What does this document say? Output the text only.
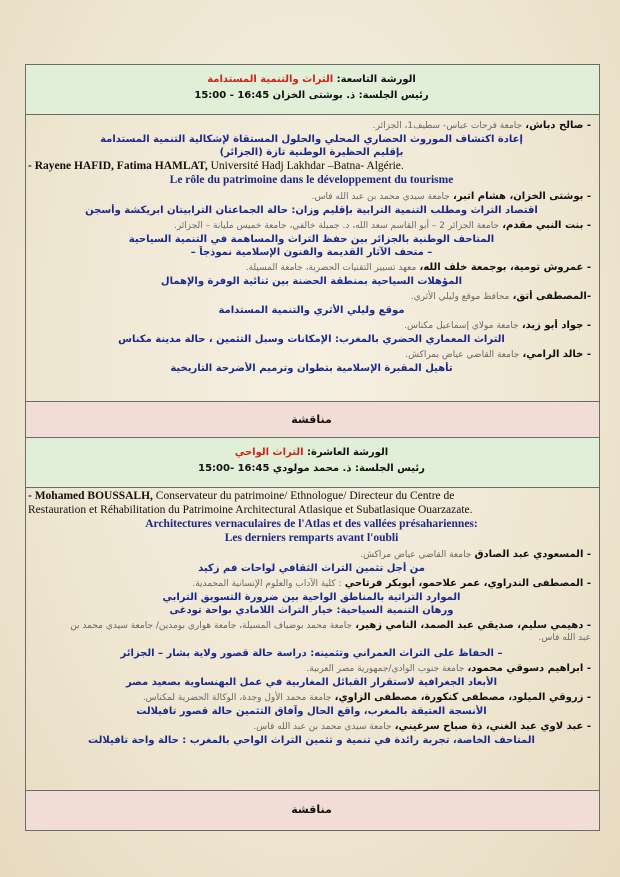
الورشة التاسعة: التراث والتنمية المستدامة
15:00 - 16:45 رئيس الجلسة: ذ. بوشتى الخزان
- صالح دباش، جامعة فرحات عباس- سطيف1، الجزائر.
إعادة اكتشاف الموروث الحضاري المحلي والحلول المستقاة لإشكالية التنمية المستدامة
بإقليم الحظيرة الوطنية تازة (الجزائر)
- Rayene HAFID, Fatima HAMLAT, Université Hadj Lakhdar –Batna- Algérie.
Le rôle du patrimoine dans le développement du tourisme
- بوشتى الخزان، هشام اتبر، جامعة سيدي محمد بن عبد الله فاس.
اقتصاد التراث ومطلب التنمية الترابية بإقليم وزان: حالة الجماعتان الترابيتان ابريكشة وأسجن
- بنت النبي مقدم، جامعة الجزائر 2 – أبو القاسم سعد الله، د. جميلة خالفي، جامعة خميس مليانة – الجزائر.
المتاحف الوطنية بالجزائر بين حفظ التراث والمساهمة في التنمية السياحية
– متحف الآثار القديمة والفنون الإسلامية نموذجاً –
- عمروش تومية، بوجمعة خلف الله، معهد تسيير التقنيات الحضرية، جامعة المسيلة.
المؤهلات السياحية بمنطقة الحضنة بين ثنائية الوفرة والإهمال
-المصطفى أتق، محافظ موقع وليلي الأثري.
موقع وليلي الأثري والتنمية المستدامة
- جواد أبو زيد، جامعة مولاي إسماعيل مكناس.
التراث المعماري الحضري بالمغرب: الإمكانات وسبل التثمين ، حالة مدينة مكناس
- خالد الرامي، جامعة القاضي عياض بمراكش.
تأهيل المقبرة الإسلامية بتطوان وترميم الأضرحة التاريخية
مناقشة
الورشة العاشرة: التراث الواحي
15:00- 16:45 رئيس الجلسة: ذ. محمد مولودي
- Mohamed BOUSSALH, Conservateur du patrimoine/ Ethnologue/ Directeur du Centre de
Restauration et Réhabilitation du Patrimoine Architectural Atlasique et Subatlasique Ouarzazate.
Architectures vernaculaires de l'Atlas et des vallées présahariennes:
Les derniers remparts avant l'oubli
- المسعودي عبد الصادق جامعة القاضي عياض مراكش.
من أجل تثمين التراث الثقافي لواحات فم زكيد
- المصطفى الندراوي، عمر علاحمو، أبوبكر فرتاحي : كلية الآداب والعلوم الإنسانية المحمدية.
الموارد التراثية بالمناطق الواحية بين ضرورة التسويق الترابي
ورهان التنمية السياحية: خيار التراث اللامادي بواحة تودغى
- دهيمي سليم، صديقي عبد الصمد، النامي زهير، جامعة محمد بوضياف المسيلة، جامعة هواري بومدين/ جامعة سيدي محمد بن
عبد الله فاس.
الحفاظ على التراث العمراني وتثمينه: دراسة حالة قصور ولاية بشار – الجزائر –
- ابراهيم دسوقي محمود، جامعة جنوب الوادي/جمهورية مصر العربية.
الأبعاد الجغرافية لاستقرار القبائل المغاربية في عمل البهنساوية بصعيد مصر
- زروقي الميلود، مصطفى كنكورة، مصطفى الزاوي، جامعة محمد الأول وجدة، الوكالة الحضرية لمكناس.
الأنسجة العتيقة بالمغرب، واقع الحال وآفاق التثمين حالة قصور تافيلالت
- عبد لاوي عبد الغني، ذة صباح سرغيني، جامعة سيدي محمد بن عبد الله فاس.
المتاحف الخاصة، تجربة رائدة في تنمية و تثمين التراث الواحي بالمغرب : حالة واحة تافيلالت
مناقشة
